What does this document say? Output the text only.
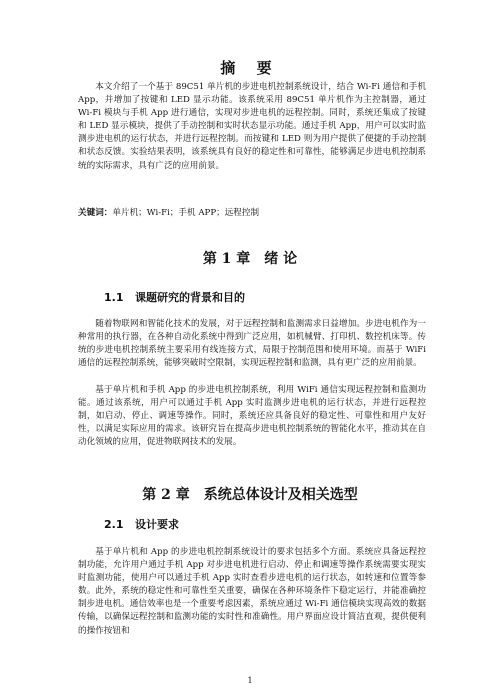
摘 要
本文介绍了一个基于 89C51 单片机的步进电机控制系统设计，结合 Wi-Fi 通信和手机 App，并增加了按键和 LED 显示功能。该系统采用 89C51 单片机作为主控制器，通过 Wi-Fi 模块与手机 App 进行通信，实现对步进电机的远程控制。同时，系统还集成了按键和 LED 显示模块，提供了手动控制和实时状态显示功能。通过手机 App，用户可以实时监测步进电机的运行状态，并进行远程控制。而按键和 LED 则为用户提供了便捷的手动控制和状态反馈。实验结果表明，该系统具有良好的稳定性和可靠性，能够满足步进电机控制系统的实际需求，具有广泛的应用前景。
关键词：单片机；Wi-Fi；手机 APP；远程控制
第 1 章　绪 论
1.1 课题研究的背景和目的
随着物联网和智能化技术的发展，对于远程控制和监测需求日益增加。步进电机作为一种常用的执行器，在各种自动化系统中得到广泛应用，如机械臂、打印机、数控机床等。传统的步进电机控制系统主要采用有线连接方式，局限于控制范围和使用环境。而基于 WiFi 通信的远程控制系统，能够突破时空限制，实现远程控制和监测，具有更广泛的应用前景。
基于单片机和手机 App 的步进电机控制系统，利用 WiFi 通信实现远程控制和监测功能。通过该系统，用户可以通过手机 App 实时监测步进电机的运行状态，并进行远程控制，如启动、停止、调速等操作。同时，系统还应具备良好的稳定性、可靠性和用户友好性，以满足实际应用的需求。该研究旨在提高步进电机控制系统的智能化水平，推动其在自动化领域的应用，促进物联网技术的发展。
第 2 章　系统总体设计及相关选型
2.1 设计要求
基于单片机和 App 的步进电机控制系统设计的要求包括多个方面。系统应具备远程控制功能，允许用户通过手机 App 对步进电机进行启动、停止和调速等操作系统需要实现实时监测功能，使用户可以通过手机 App 实时查看步进电机的运行状态，如转速和位置等参数。此外，系统的稳定性和可靠性至关重要，确保在各种环境条件下稳定运行，并能准确控制步进电机。通信效率也是一个重要考虑因素，系统应通过 Wi-Fi 通信模块实现高效的数据传输，以确保远程控制和监测功能的实时性和准确性。用户界面应设计简洁直观，提供便利的操作按钮和
1
